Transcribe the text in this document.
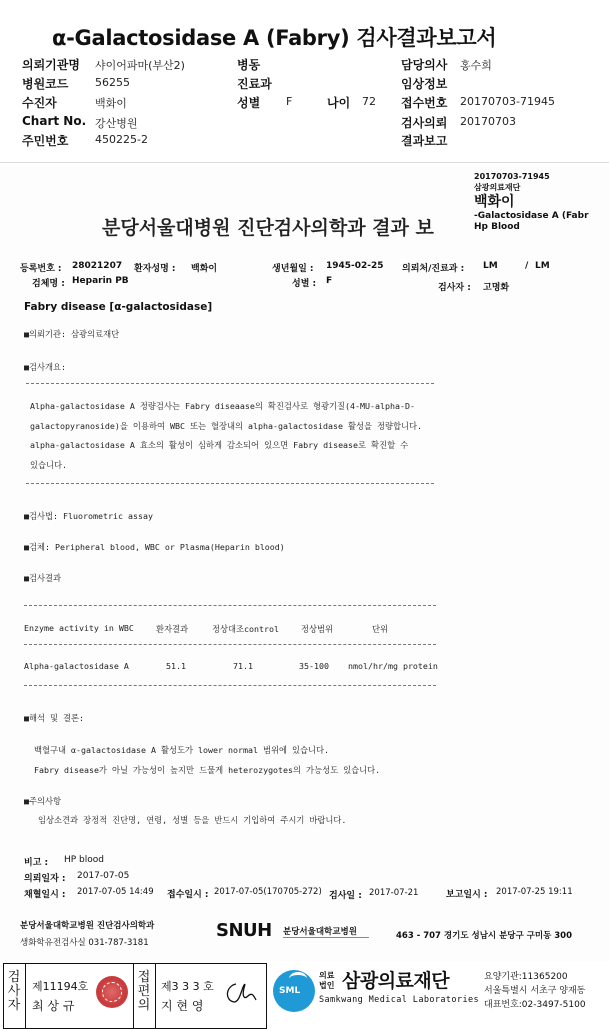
α-Galactosidase A (Fabry) 검사결과보고서
의뢰기관명 샤이어파마(부산2)
병원코드 56255
수진자	백화이
Chart No. 강산병원
주민번호 450225-2
병동
진료과
성별 F	나이 72
담당의사 홍수희
임상정보
접수번호 20170703-71945
검사의뢰 20170703
결과보고
20170703-71945
삼광의료재단
백화이
-Galactosidase A (Fabr
Hp Blood
분당서울대병원 진단검사의학과 결과 보
등록번호 : 28021207 환자성명 : 백화이	생년월일 : 1945-02-25 의뢰처/진료과 : LM	/ LM
검체명 : Heparin PB	성별 : F
검사자 : 고명화
Fabry disease [α-galactosidase]
■의뢰기관: 삼광의료재단
■검사개요:
Alpha-galactosidase A 정량검사는 Fabry diseaase의 확진검사로 형광기질(4-MU-alpha-D-
galactopyranoside)을 이용하여 WBC 또는 혈장내의 alpha-galactosidase 활성을 정량합니다.
alpha-galactosidase A 효소의 활성이 심하게 감소되어 있으면 Fabry disease로 확진할 수
있습니다.
■검사법: Fluorometric assay
■검체: Peripheral blood, WBC or Plasma(Heparin blood)
■검사결과
Enzyme activity in WBC	환자결과	정상대조control	정상범위	단위
Alpha-galactosidase A	51.1	71.1	35-100 nmol/hr/mg protein
■해석 및 결론:
백혈구내 α-galactosidase A 활성도가 lower normal 범위에 있습니다.
Fabry disease가 아닐 가능성이 높지만 드물게 heterozygotes의 가능성도 있습니다.
■주의사항
임상소견과 장정적 진단명, 연령, 성별 등을 반드시 기입하여 주시기 바랍니다.
비고 : HP blood
의뢰일자 : 2017-07-05
채혈일시 : 2017-07-05 14:49 접수일시 : 2017-07-05(170705-272) 검사일 : 2017-07-21	보고일시 : 2017-07-25 19:11
분당서울대학교병원 진단검사의학과
생화학유전검사실 031-787-3181
SNUH 분당서울대학교병원	463 - 707 경기도 성남시 분당구 구미동 300
검
사
자
제11194호
최 상 규
접
편
의
제3 3 3 호
지 현 영
SML
의료
법인 삼광의료재단
Samkwang Medical Laboratories
요양기관:11365200
서울특별시 서초구 양재동
대표번호:02-3497-5100
